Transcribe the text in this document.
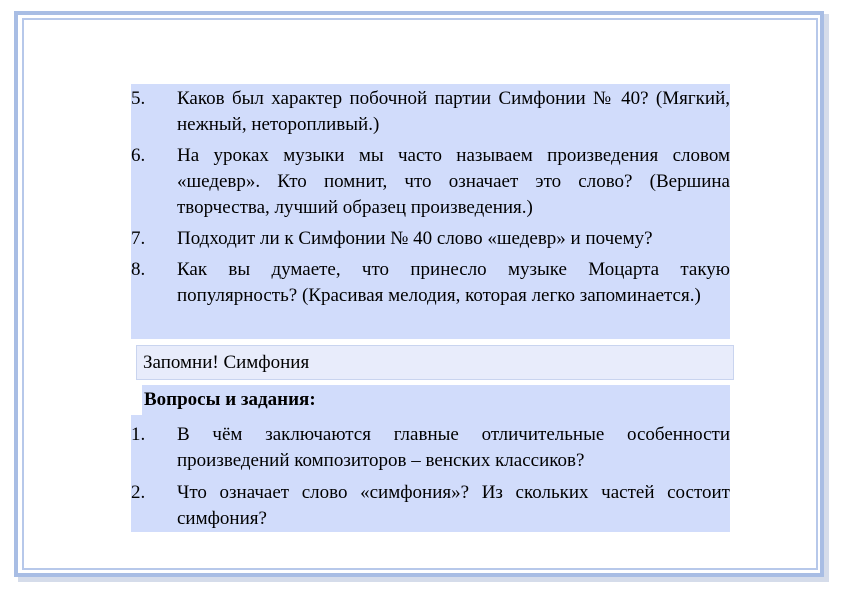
5.	Каков был характер побочной партии Симфонии № 40? (Мягкий, нежный, неторопливый.)
6.	На уроках музыки мы часто называем произведения словом «шедевр». Кто помнит, что означает это слово? (Вершина творчества, лучший образец произведения.)
7.	Подходит ли к Симфонии № 40 слово «шедевр» и почему?
8.	Как вы думаете, что принесло музыке Моцарта такую популярность? (Красивая мелодия, которая легко запоминается.)
Запомни! Симфония
Вопросы и задания:
1.	В чём заключаются главные отличительные особенности произведений композиторов – венских классиков?
2.	Что означает слово «симфония»? Из скольких частей состоит симфония?
